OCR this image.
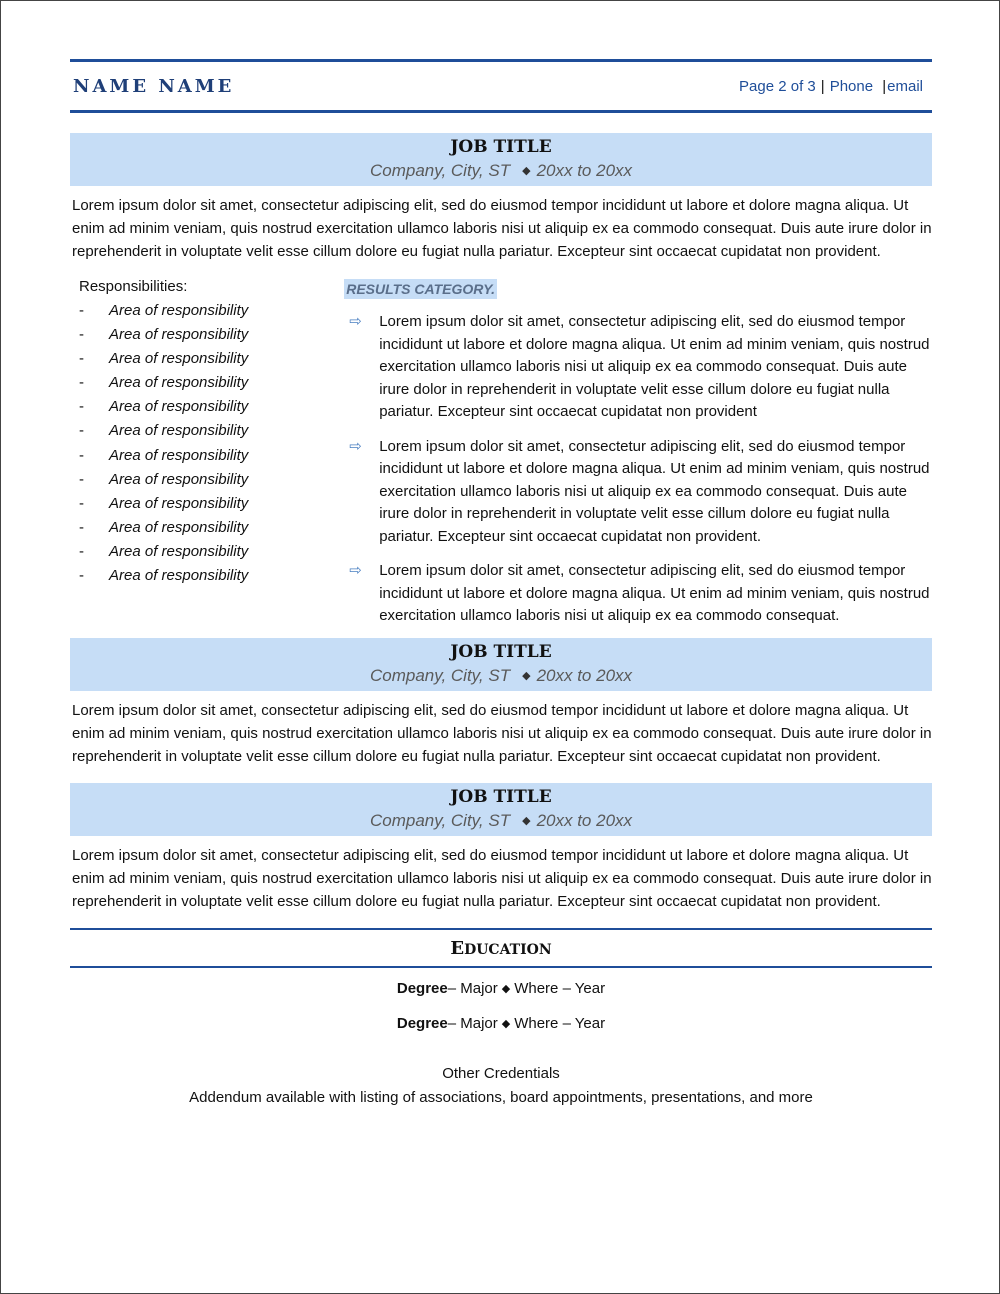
NAME NAME	Page 2 of 3 | Phone |email
JOB TITLE
Company, City, ST ◆ 20xx to 20xx
Lorem ipsum dolor sit amet, consectetur adipiscing elit, sed do eiusmod tempor incididunt ut labore et dolore magna aliqua. Ut enim ad minim veniam, quis nostrud exercitation ullamco laboris nisi ut aliquip ex ea commodo consequat. Duis aute irure dolor in reprehenderit in voluptate velit esse cillum dolore eu fugiat nulla pariatur. Excepteur sint occaecat cupidatat non provident.
Responsibilities:
- Area of responsibility
- Area of responsibility
- Area of responsibility
- Area of responsibility
- Area of responsibility
- Area of responsibility
- Area of responsibility
- Area of responsibility
- Area of responsibility
- Area of responsibility
- Area of responsibility
- Area of responsibility
RESULTS CATEGORY.
⇨ Lorem ipsum dolor sit amet, consectetur adipiscing elit, sed do eiusmod tempor incididunt ut labore et dolore magna aliqua. Ut enim ad minim veniam, quis nostrud exercitation ullamco laboris nisi ut aliquip ex ea commodo consequat. Duis aute irure dolor in reprehenderit in voluptate velit esse cillum dolore eu fugiat nulla pariatur. Excepteur sint occaecat cupidatat non provident
⇨ Lorem ipsum dolor sit amet, consectetur adipiscing elit, sed do eiusmod tempor incididunt ut labore et dolore magna aliqua. Ut enim ad minim veniam, quis nostrud exercitation ullamco laboris nisi ut aliquip ex ea commodo consequat. Duis aute irure dolor in reprehenderit in voluptate velit esse cillum dolore eu fugiat nulla pariatur. Excepteur sint occaecat cupidatat non provident.
⇨ Lorem ipsum dolor sit amet, consectetur adipiscing elit, sed do eiusmod tempor incididunt ut labore et dolore magna aliqua. Ut enim ad minim veniam, quis nostrud exercitation ullamco laboris nisi ut aliquip ex ea commodo consequat.
JOB TITLE
Company, City, ST ◆ 20xx to 20xx
Lorem ipsum dolor sit amet, consectetur adipiscing elit, sed do eiusmod tempor incididunt ut labore et dolore magna aliqua. Ut enim ad minim veniam, quis nostrud exercitation ullamco laboris nisi ut aliquip ex ea commodo consequat. Duis aute irure dolor in reprehenderit in voluptate velit esse cillum dolore eu fugiat nulla pariatur. Excepteur sint occaecat cupidatat non provident.
JOB TITLE
Company, City, ST ◆ 20xx to 20xx
Lorem ipsum dolor sit amet, consectetur adipiscing elit, sed do eiusmod tempor incididunt ut labore et dolore magna aliqua. Ut enim ad minim veniam, quis nostrud exercitation ullamco laboris nisi ut aliquip ex ea commodo consequat. Duis aute irure dolor in reprehenderit in voluptate velit esse cillum dolore eu fugiat nulla pariatur. Excepteur sint occaecat cupidatat non provident.
EDUCATION
Degree– Major ◆ Where – Year
Degree– Major ◆ Where – Year
Other Credentials
Addendum available with listing of associations, board appointments, presentations, and more
